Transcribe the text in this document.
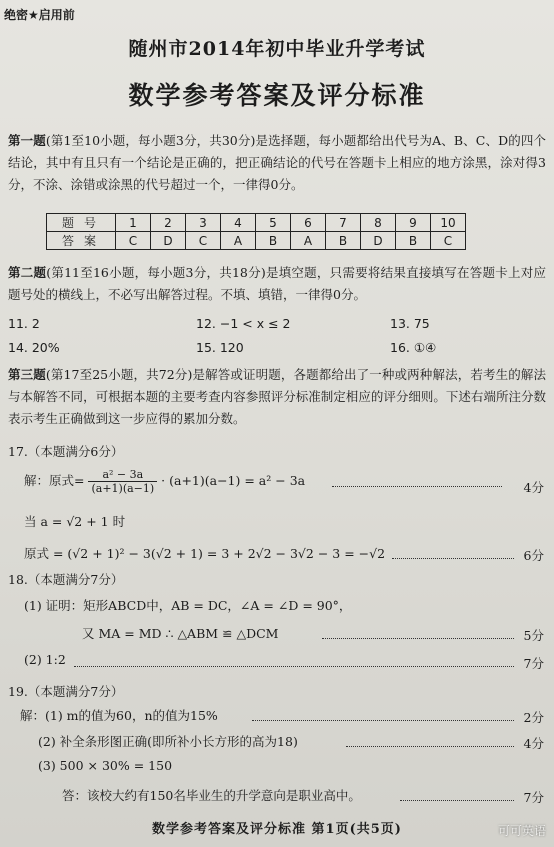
绝密★启用前
随州市2014年初中毕业升学考试
数学参考答案及评分标准
第一题(第1至10小题，每小题3分，共30分)是选择题，每小题都给出代号为A、B、C、D的四个结论，其中有且只有一个结论是正确的，把正确结论的代号在答题卡上相应的地方涂黑，涂对得3分，不涂、涂错或涂黑的代号超过一个，一律得0分。
题号	1	2	3	4	5	6	7	8	9	10
答案	C	D	C	A	B	A	B	D	B	C
第二题(第11至16小题，每小题3分，共18分)是填空题，只需要将结果直接填写在答题卡上对应题号处的横线上，不必写出解答过程。不填、填错，一律得0分。
11. 2	12. −1 < x ≤ 2	13. 75
14. 20%	15. 120	16. ①④
第三题(第17至25小题，共72分)是解答或证明题，各题都给出了一种或两种解法，若考生的解法与本解答不同，可根据本题的主要考查内容参照评分标准制定相应的评分细则。下述右端所注分数表示考生正确做到这一步应得的累加分数。
17.（本题满分6分）
解：原式= $\frac{\text{a² − 3a}}{(a+1)(a-1)} \cdot (a+1)(a-1) = a^2 - 3a$	4分
当 a = √2 + 1 时
原式 = (√2 + 1)² − 3(√2 + 1) = 3 + 2√2 − 3√2 − 3 = −√2	6分
18.（本题满分7分）
(1) 证明：矩形ABCD中，AB = DC，∠A = ∠D = 90°，
又 MA = MD ∴ △ABM ≌ △DCM	5分
(2) 1:2	7分
19.（本题满分7分）
解：(1) m的值为60，n的值为15%	2分
(2) 补全条形图正确(即所补小长方形的高为18)	4分
(3) 500 × 30% = 150
答：该校大约有150名毕业生的升学意向是职业高中。	7分
数学参考答案及评分标准 第1页(共5页)	可可英语
